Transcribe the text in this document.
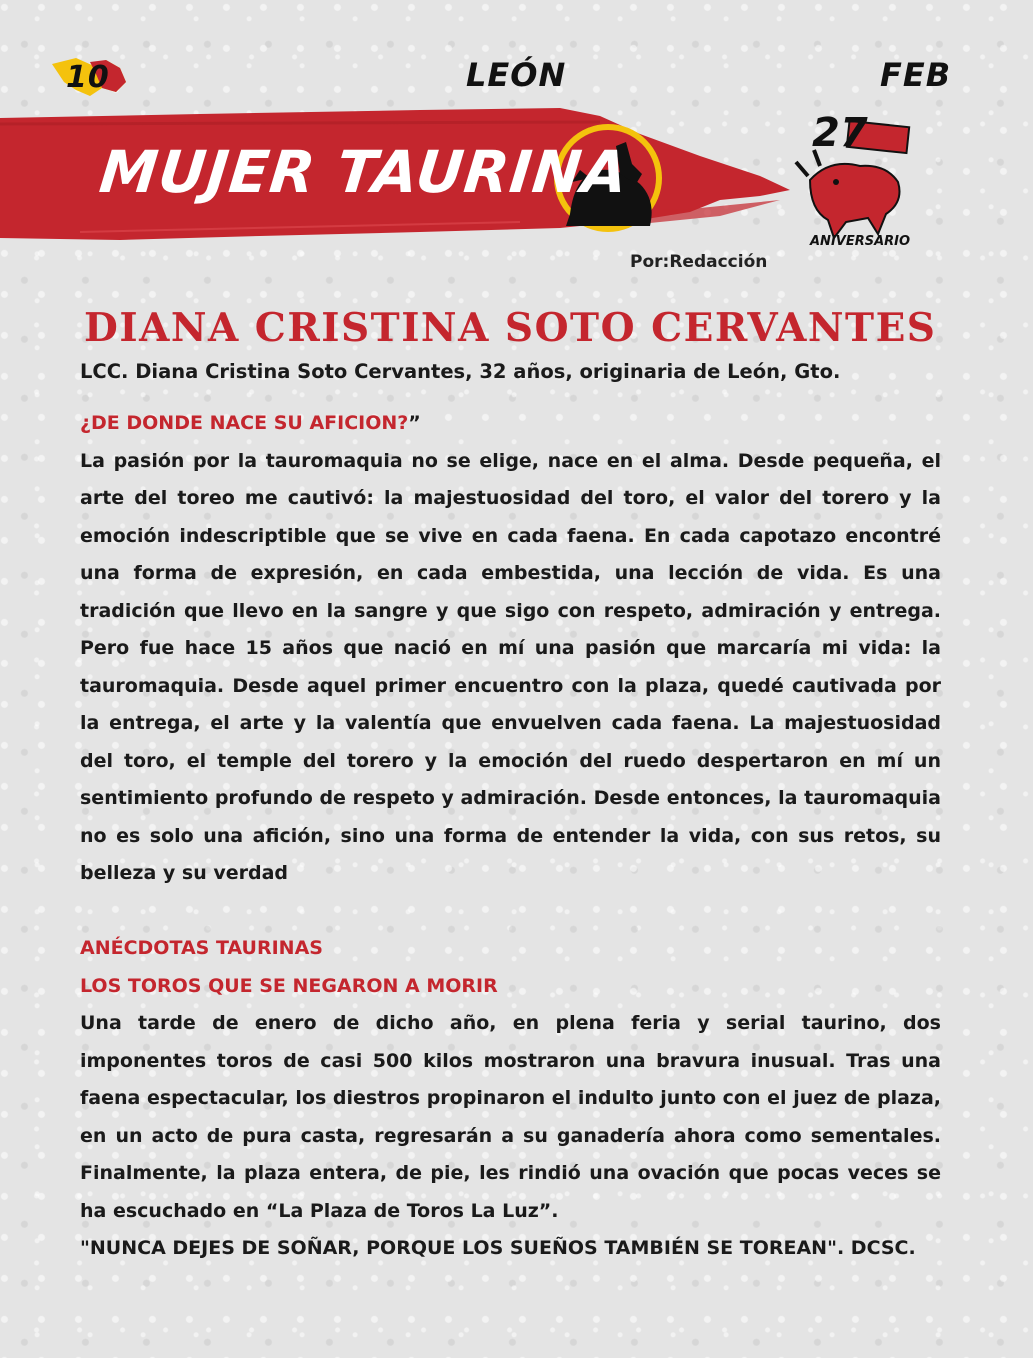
10	LEÓN	FEB
MUJER TAURINA
27
ANIVERSARIO
Por:Redacción
DIANA CRISTINA SOTO CERVANTES
LCC. Diana Cristina Soto Cervantes, 32 años, originaria de León, Gto.

¿DE DONDE NACE SU AFICION?”

La pasión por la tauromaquia no se elige, nace en el alma. Desde pequeña, el arte del toreo me cautivó: la majestuosidad del toro, el valor del torero y la emoción indescriptible que se vive en cada faena. En cada capotazo encontré una forma de expresión, en cada embestida, una lección de vida. Es una tradición que llevo en la sangre y que sigo con respeto, admiración y entrega. Pero fue hace 15 años que nació en mí una pasión que marcaría mi vida: la tauromaquia. Desde aquel primer encuentro con la plaza, quedé cautivada por la entrega, el arte y la valentía que envuelven cada faena. La majestuosidad del toro, el temple del torero y la emoción del ruedo despertaron en mí un sentimiento profundo de respeto y admiración. Desde entonces, la tauromaquia no es solo una afición, sino una forma de entender la vida, con sus retos, su belleza y su verdad

ANÉCDOTAS TAURINAS

LOS TOROS QUE SE NEGARON A MORIR

Una tarde de enero de dicho año, en plena feria y serial taurino, dos imponentes toros de casi 500 kilos mostraron una bravura inusual. Tras una faena espectacular, los diestros propinaron el indulto junto con el juez de plaza, en un acto de pura casta, regresarán a su ganadería ahora como sementales. Finalmente, la plaza entera, de pie, les rindió una ovación que pocas veces se ha escuchado en “La Plaza de Toros La Luz”.

"NUNCA DEJES DE SOÑAR, PORQUE LOS SUEÑOS TAMBIÉN SE TOREAN". DCSC.
